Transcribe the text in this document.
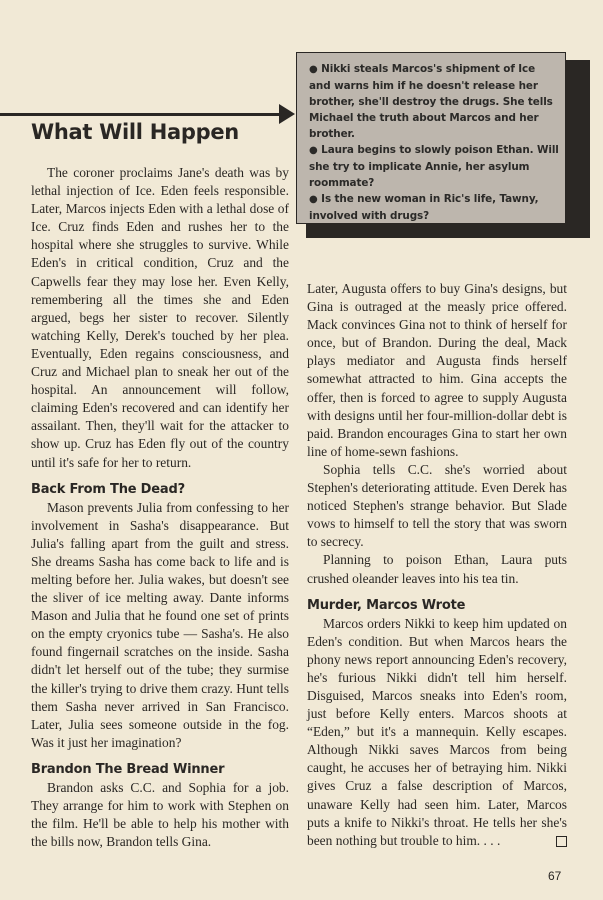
● Nikki steals Marcos's shipment of Ice and warns him if he doesn't release her brother, she'll destroy the drugs. She tells Michael the truth about Marcos and her brother.

● Laura begins to slowly poison Ethan. Will she try to implicate Annie, her asylum roommate?

● Is the new woman in Ric's life, Tawny, involved with drugs?

What Will Happen

The coroner proclaims Jane's death was by lethal injection of Ice. Eden feels responsible. Later, Marcos injects Eden with a lethal dose of Ice. Cruz finds Eden and rushes her to the hospital where she struggles to survive. While Eden's in critical condition, Cruz and the Capwells fear they may lose her. Even Kelly, remembering all the times she and Eden argued, begs her sister to recover. Silently watching Kelly, Derek's touched by her plea. Eventually, Eden regains consciousness, and Cruz and Michael plan to sneak her out of the hospital. An announcement will follow, claiming Eden's recovered and can identify her assailant. Then, they'll wait for the attacker to show up. Cruz has Eden fly out of the country until it's safe for her to return.

Back From The Dead?

Mason prevents Julia from confessing to her involvement in Sasha's disappearance. But Julia's falling apart from the guilt and stress. She dreams Sasha has come back to life and is melting before her. Julia wakes, but doesn't see the sliver of ice melting away. Dante informs Mason and Julia that he found one set of prints on the empty cryonics tube — Sasha's. He also found fingernail scratches on the inside. Sasha didn't let herself out of the tube; they surmise the killer's trying to drive them crazy. Hunt tells them Sasha never arrived in San Francisco. Later, Julia sees someone outside in the fog. Was it just her imagination?

Brandon The Bread Winner

Brandon asks C.C. and Sophia for a job. They arrange for him to work with Stephen on the film. He'll be able to help his mother with the bills now, Brandon tells Gina.

Later, Augusta offers to buy Gina's designs, but Gina is outraged at the measly price offered. Mack convinces Gina not to think of herself for once, but of Brandon. During the deal, Mack plays mediator and Augusta finds herself somewhat attracted to him. Gina accepts the offer, then is forced to agree to supply Augusta with designs until her four-million-dollar debt is paid. Brandon encourages Gina to start her own line of home-sewn fashions.

Sophia tells C.C. she's worried about Stephen's deteriorating attitude. Even Derek has noticed Stephen's strange behavior. But Slade vows to himself to tell the story that was sworn to secrecy.

Planning to poison Ethan, Laura puts crushed oleander leaves into his tea tin.

Murder, Marcos Wrote

Marcos orders Nikki to keep him updated on Eden's condition. But when Marcos hears the phony news report announcing Eden's recovery, he's furious Nikki didn't tell him herself. Disguised, Marcos sneaks into Eden's room, just before Kelly enters. Marcos shoots at “Eden,” but it's a mannequin. Kelly escapes. Although Nikki saves Marcos from being caught, he accuses her of betraying him. Nikki gives Cruz a false description of Marcos, unaware Kelly had seen him. Later, Marcos puts a knife to Nikki's throat. He tells her she's been nothing but trouble to him. . . .

67
